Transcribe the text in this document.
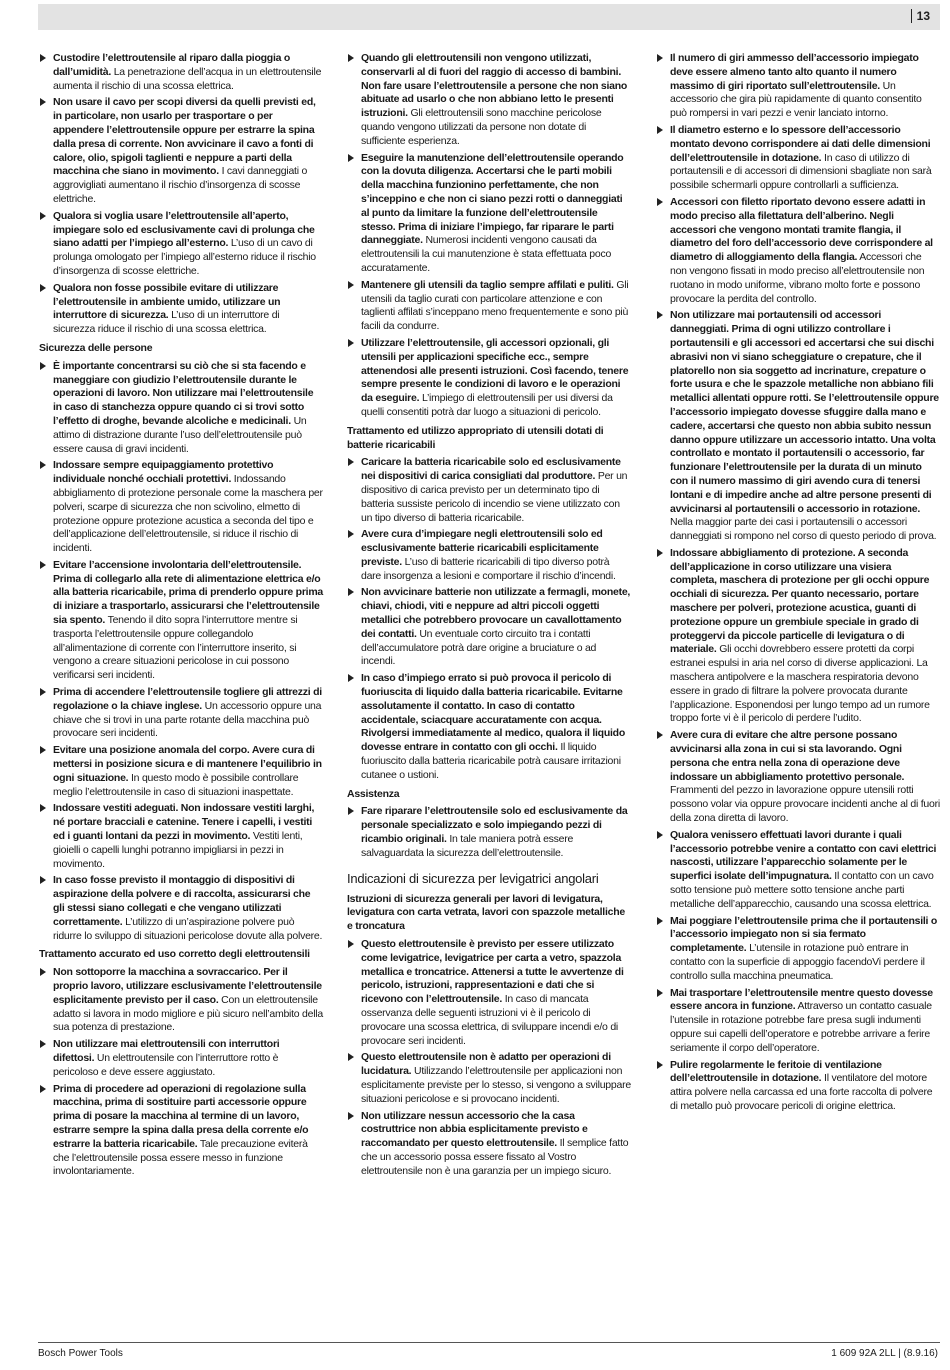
13
Custodire l’elettroutensile al riparo dalla pioggia o dall’umidità. La penetrazione dell’acqua in un elettroutensile aumenta il rischio di una scossa elettrica.
Non usare il cavo per scopi diversi da quelli previsti ed, in particolare, non usarlo per trasportare o per appendere l’elettroutensile oppure per estrarre la spina dalla presa di corrente. Non avvicinare il cavo a fonti di calore, olio, spigoli taglienti e neppure a parti della macchina che siano in movimento. I cavi danneggiati o aggrovigliati aumentano il rischio d’insorgenza di scosse elettriche.
Qualora si voglia usare l’elettroutensile all’aperto, impiegare solo ed esclusivamente cavi di prolunga che siano adatti per l’impiego all’esterno. L’uso di un cavo di prolunga omologato per l’impiego all’esterno riduce il rischio d’insorgenza di scosse elettriche.
Qualora non fosse possibile evitare di utilizzare l’elettroutensile in ambiente umido, utilizzare un interruttore di sicurezza. L’uso di un interruttore di sicurezza riduce il rischio di una scossa elettrica.
Sicurezza delle persone
È importante concentrarsi su ciò che si sta facendo e maneggiare con giudizio l’elettroutensile durante le operazioni di lavoro. Non utilizzare mai l’elettroutensile in caso di stanchezza oppure quando ci si trovi sotto l’effetto di droghe, bevande alcoliche e medicinali. Un attimo di distrazione durante l’uso dell’elettroutensile può essere causa di gravi incidenti.
Indossare sempre equipaggiamento protettivo individuale nonché occhiali protettivi. Indossando abbigliamento di protezione personale come la maschera per polveri, scarpe di sicurezza che non scivolino, elmetto di protezione oppure protezione acustica a seconda del tipo e dell’applicazione dell’elettroutensile, si riduce il rischio di incidenti.
Evitare l’accensione involontaria dell’elettroutensile. Prima di collegarlo alla rete di alimentazione elettrica e/o alla batteria ricaricabile, prima di prenderlo oppure prima di iniziare a trasportarlo, assicurarsi che l’elettroutensile sia spento. Tenendo il dito sopra l’interruttore mentre si trasporta l’elettroutensile oppure collegandolo all’alimentazione di corrente con l’interruttore inserito, si vengono a creare situazioni pericolose in cui possono verificarsi seri incidenti.
Prima di accendere l’elettroutensile togliere gli attrezzi di regolazione o la chiave inglese. Un accessorio oppure una chiave che si trovi in una parte rotante della macchina può provocare seri incidenti.
Evitare una posizione anomala del corpo. Avere cura di mettersi in posizione sicura e di mantenere l’equilibrio in ogni situazione. In questo modo è possibile controllare meglio l’elettroutensile in caso di situazioni inaspettate.
Indossare vestiti adeguati. Non indossare vestiti larghi, né portare bracciali e catenine. Tenere i capelli, i vestiti ed i guanti lontani da pezzi in movimento. Vestiti lenti, gioielli o capelli lunghi potranno impigliarsi in pezzi in movimento.
In caso fosse previsto il montaggio di dispositivi di aspirazione della polvere e di raccolta, assicurarsi che gli stessi siano collegati e che vengano utilizzati correttamente. L’utilizzo di un’aspirazione polvere può ridurre lo sviluppo di situazioni pericolose dovute alla polvere.
Trattamento accurato ed uso corretto degli elettroutensili
Non sottoporre la macchina a sovraccarico. Per il proprio lavoro, utilizzare esclusivamente l’elettroutensile esplicitamente previsto per il caso. Con un elettroutensile adatto si lavora in modo migliore e più sicuro nell’ambito della sua potenza di prestazione.
Non utilizzare mai elettroutensili con interruttori difettosi. Un elettroutensile con l’interruttore rotto è pericoloso e deve essere aggiustato.
Prima di procedere ad operazioni di regolazione sulla macchina, prima di sostituire parti accessorie oppure prima di posare la macchina al termine di un lavoro, estrarre sempre la spina dalla presa della corrente e/o estrarre la batteria ricaricabile. Tale precauzione eviterà che l’elettroutensile possa essere messo in funzione involontariamente.
Quando gli elettroutensili non vengono utilizzati, conservarli al di fuori del raggio di accesso di bambini. Non fare usare l’elettroutensile a persone che non siano abituate ad usarlo o che non abbiano letto le presenti istruzioni. Gli elettroutensili sono macchine pericolose quando vengono utilizzati da persone non dotate di sufficiente esperienza.
Eseguire la manutenzione dell’elettroutensile operando con la dovuta diligenza. Accertarsi che le parti mobili della macchina funzionino perfettamente, che non s’inceppino e che non ci siano pezzi rotti o danneggiati al punto da limitare la funzione dell’elettroutensile stesso. Prima di iniziare l’impiego, far riparare le parti danneggiate. Numerosi incidenti vengono causati da elettroutensili la cui manutenzione è stata effettuata poco accuratamente.
Mantenere gli utensili da taglio sempre affilati e puliti. Gli utensili da taglio curati con particolare attenzione e con taglienti affilati s’inceppano meno frequentemente e sono più facili da condurre.
Utilizzare l’elettroutensile, gli accessori opzionali, gli utensili per applicazioni specifiche ecc., sempre attenendosi alle presenti istruzioni. Così facendo, tenere sempre presente le condizioni di lavoro e le operazioni da eseguire. L’impiego di elettroutensili per usi diversi da quelli consentiti potrà dar luogo a situazioni di pericolo.
Trattamento ed utilizzo appropriato di utensili dotati di batterie ricaricabili
Caricare la batteria ricaricabile solo ed esclusivamente nei dispositivi di carica consigliati dal produttore. Per un dispositivo di carica previsto per un determinato tipo di batteria sussiste pericolo di incendio se viene utilizzato con un tipo diverso di batteria ricaricabile.
Avere cura d’impiegare negli elettroutensili solo ed esclusivamente batterie ricaricabili esplicitamente previste. L’uso di batterie ricaricabili di tipo diverso potrà dare insorgenza a lesioni e comportare il rischio d’incendi.
Non avvicinare batterie non utilizzate a fermagli, monete, chiavi, chiodi, viti e neppure ad altri piccoli oggetti metallici che potrebbero provocare un cavallottamento dei contatti. Un eventuale corto circuito tra i contatti dell’accumulatore potrà dare origine a bruciature o ad incendi.
In caso d’impiego errato si può provoca il pericolo di fuoriuscita di liquido dalla batteria ricaricabile. Evitarne assolutamente il contatto. In caso di contatto accidentale, sciacquare accuratamente con acqua. Rivolgersi immediatamente al medico, qualora il liquido dovesse entrare in contatto con gli occhi. Il liquido fuoriuscito dalla batteria ricaricabile potrà causare irritazioni cutanee o ustioni.
Assistenza
Fare riparare l’elettroutensile solo ed esclusivamente da personale specializzato e solo impiegando pezzi di ricambio originali. In tale maniera potrà essere salvaguardata la sicurezza dell’elettroutensile.
Indicazioni di sicurezza per levigatrici angolari
Istruzioni di sicurezza generali per lavori di levigatura, levigatura con carta vetrata, lavori con spazzole metalliche e troncatura
Questo elettroutensile è previsto per essere utilizzato come levigatrice, levigatrice per carta a vetro, spazzola metallica e troncatrice. Attenersi a tutte le avvertenze di pericolo, istruzioni, rappresentazioni e dati che si ricevono con l’elettroutensile. In caso di mancata osservanza delle seguenti istruzioni vi è il pericolo di provocare una scossa elettrica, di sviluppare incendi e/o di provocare seri incidenti.
Questo elettroutensile non è adatto per operazioni di lucidatura. Utilizzando l’elettroutensile per applicazioni non esplicitamente previste per lo stesso, si vengono a sviluppare situazioni pericolose e si provocano incidenti.
Non utilizzare nessun accessorio che la casa costruttrice non abbia esplicitamente previsto e raccomandato per questo elettroutensile. Il semplice fatto che un accessorio possa essere fissato al Vostro elettroutensile non è una garanzia per un impiego sicuro.
Il numero di giri ammesso dell’accessorio impiegato deve essere almeno tanto alto quanto il numero massimo di giri riportato sull’elettroutensile. Un accessorio che gira più rapidamente di quanto consentito può rompersi in vari pezzi e venir lanciato intorno.
Il diametro esterno e lo spessore dell’accessorio montato devono corrispondere ai dati delle dimensioni dell’elettroutensile in dotazione. In caso di utilizzo di portautensili e di accessori di dimensioni sbagliate non sarà possibile schermarli oppure controllarli a sufficienza.
Accessori con filetto riportato devono essere adatti in modo preciso alla filettatura dell’alberino. Negli accessori che vengono montati tramite flangia, il diametro del foro dell’accessorio deve corrispondere al diametro di alloggiamento della flangia. Accessori che non vengono fissati in modo preciso all’elettroutensile non ruotano in modo uniforme, vibrano molto forte e possono provocare la perdita del controllo.
Non utilizzare mai portautensili od accessori danneggiati. Prima di ogni utilizzo controllare i portautensili e gli accessori ed accertarsi che sui dischi abrasivi non vi siano scheggiature o crepature, che il platorello non sia soggetto ad incrinature, crepature o forte usura e che le spazzole metalliche non abbiano fili metallici allentati oppure rotti. Se l’elettroutensile oppure l’accessorio impiegato dovesse sfuggire dalla mano e cadere, accertarsi che questo non abbia subito nessun danno oppure utilizzare un accessorio intatto. Una volta controllato e montato il portautensili o accessorio, far funzionare l’elettroutensile per la durata di un minuto con il numero massimo di giri avendo cura di tenersi lontani e di impedire anche ad altre persone presenti di avvicinarsi al portautensili o accessorio in rotazione. Nella maggior parte dei casi i portautensili o accessori danneggiati si rompono nel corso di questo periodo di prova.
Indossare abbigliamento di protezione. A seconda dell’applicazione in corso utilizzare una visiera completa, maschera di protezione per gli occhi oppure occhiali di sicurezza. Per quanto necessario, portare maschere per polveri, protezione acustica, guanti di protezione oppure un grembiule speciale in grado di proteggervi da piccole particelle di levigatura o di materiale. Gli occhi dovrebbero essere protetti da corpi estranei espulsi in aria nel corso di diverse applicazioni. La maschera antipolvere e la maschera respiratoria devono essere in grado di filtrare la polvere provocata durante l’applicazione. Esponendosi per lungo tempo ad un rumore troppo forte vi è il pericolo di perdere l’udito.
Avere cura di evitare che altre persone possano avvicinarsi alla zona in cui si sta lavorando. Ogni persona che entra nella zona di operazione deve indossare un abbigliamento protettivo personale. Frammenti del pezzo in lavorazione oppure utensili rotti possono volar via oppure provocare incidenti anche al di fuori della zona diretta di lavoro.
Qualora venissero effettuati lavori durante i quali l’accessorio potrebbe venire a contatto con cavi elettrici nascosti, utilizzare l’apparecchio solamente per le superfici isolate dell’impugnatura. Il contatto con un cavo sotto tensione può mettere sotto tensione anche parti metalliche dell’apparecchio, causando una scossa elettrica.
Mai poggiare l’elettroutensile prima che il portautensili o l’accessorio impiegato non si sia fermato completamente. L’utensile in rotazione può entrare in contatto con la superficie di appoggio facendoVi perdere il controllo sulla macchina pneumatica.
Mai trasportare l’elettroutensile mentre questo dovesse essere ancora in funzione. Attraverso un contatto casuale l’utensile in rotazione potrebbe fare presa sugli indumenti oppure sui capelli dell’operatore e potrebbe arrivare a ferire seriamente il corpo dell’operatore.
Pulire regolarmente le feritoie di ventilazione dell’elettroutensile in dotazione. Il ventilatore del motore attira polvere nella carcassa ed una forte raccolta di polvere di metallo può provocare pericoli di origine elettrica.
Bosch Power Tools	1 609 92A 2LL | (8.9.16)
